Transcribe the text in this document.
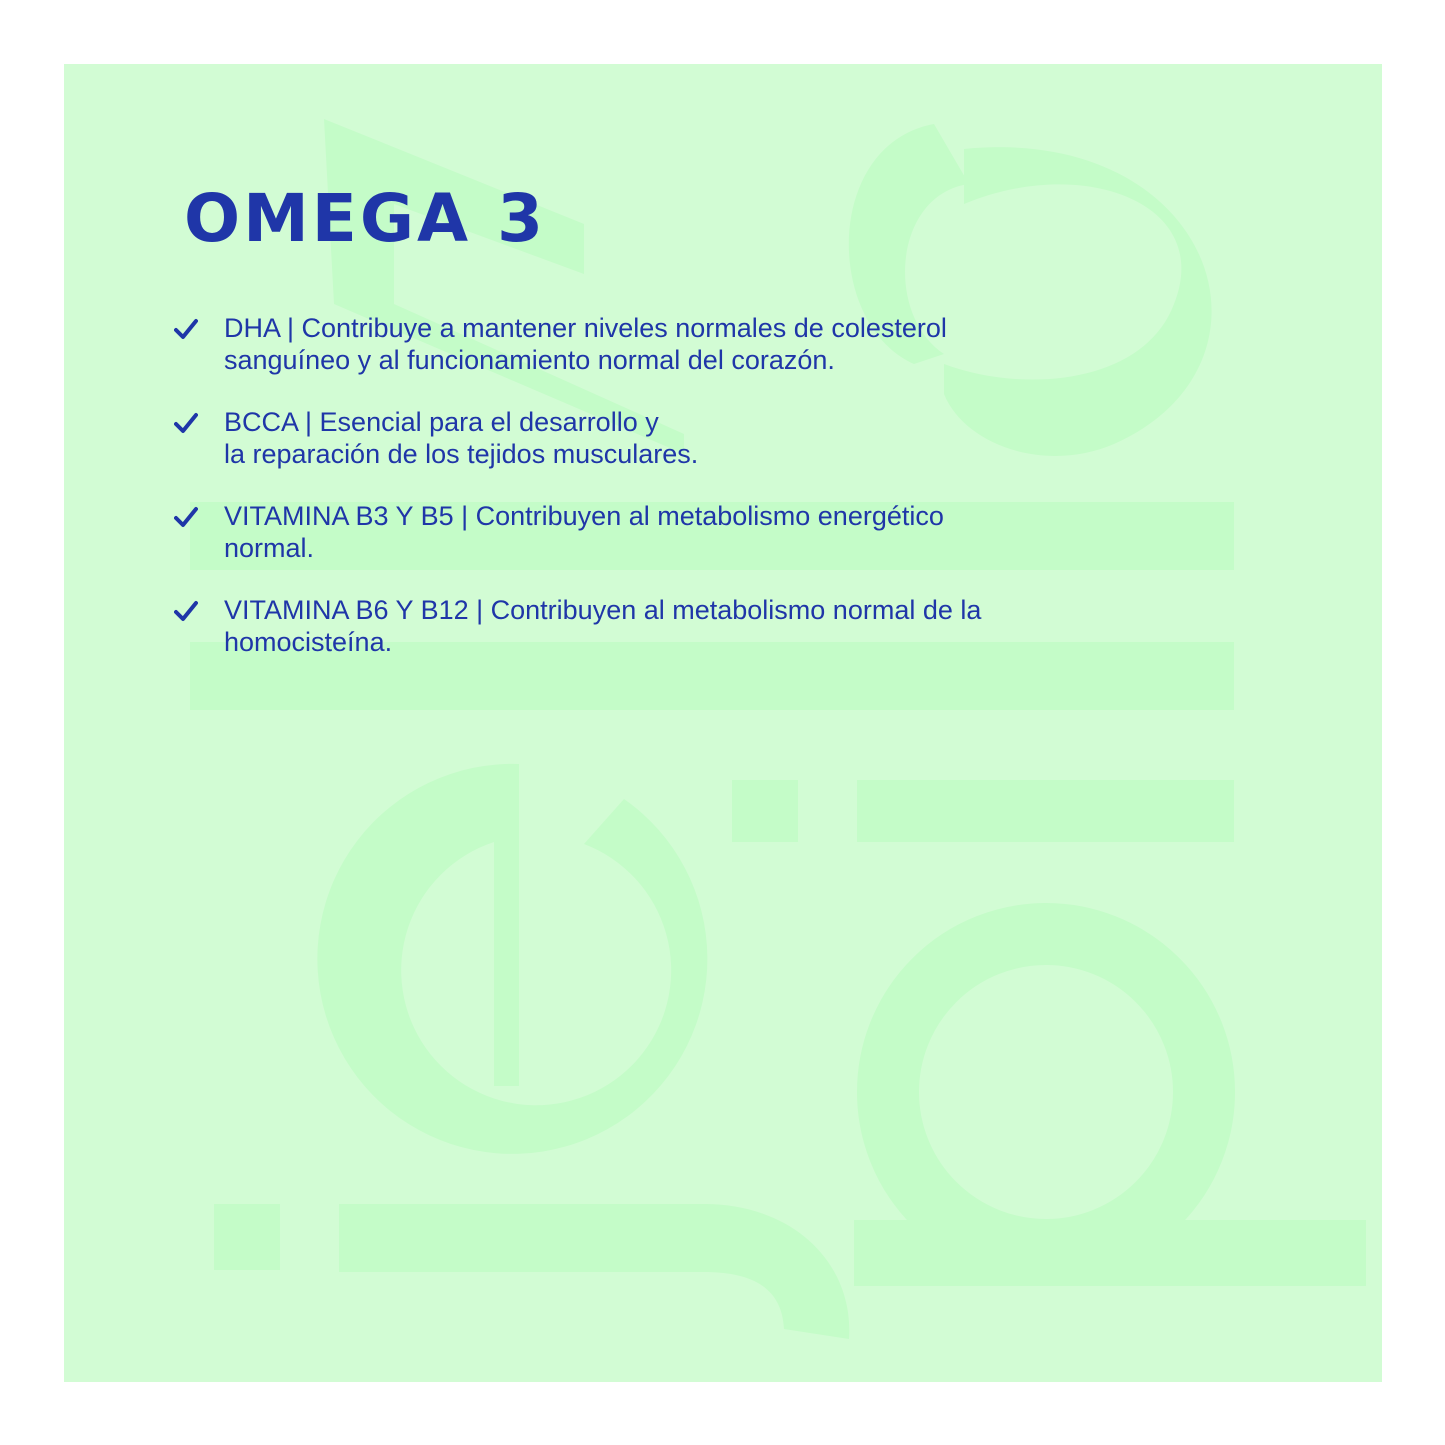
OMEGA 3
DHA | Contribuye a mantener niveles normales de colesterol
sanguíneo y al funcionamiento normal del corazón.
BCCA | Esencial para el desarrollo y
la reparación de los tejidos musculares.
VITAMINA B3 Y B5 | Contribuyen al metabolismo energético
normal.
VITAMINA B6 Y B12 | Contribuyen al metabolismo normal de la
homocisteína.
